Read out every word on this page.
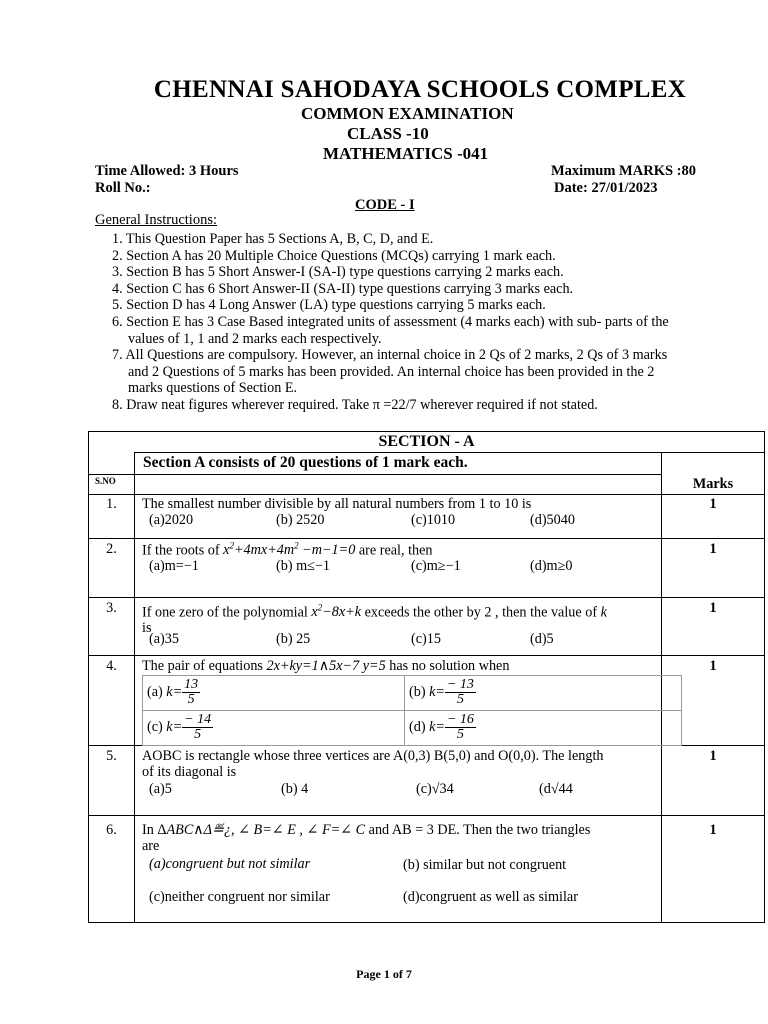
CHENNAI SAHODAYA SCHOOLS COMPLEX
COMMON EXAMINATION
CLASS -10
MATHEMATICS -041
Time Allowed: 3 Hours	Maximum MARKS :80
Roll No.:	Date: 27/01/2023
CODE - I
General Instructions:
1. This Question Paper has 5 Sections A, B, C, D, and E.
2. Section A has 20 Multiple Choice Questions (MCQs) carrying 1 mark each.
3. Section B has 5 Short Answer-I (SA-I) type questions carrying 2 marks each.
4. Section C has 6 Short Answer-II (SA-II) type questions carrying 3 marks each.
5. Section D has 4 Long Answer (LA) type questions carrying 5 marks each.
6. Section E has 3 Case Based integrated units of assessment (4 marks each) with sub- parts of the
values of 1, 1 and 2 marks each respectively.
7. All Questions are compulsory. However, an internal choice in 2 Qs of 2 marks, 2 Qs of 3 marks
and 2 Questions of 5 marks has been provided. An internal choice has been provided in the 2
marks questions of Section E.
8. Draw neat figures wherever required. Take π =22/7 wherever required if not stated.
SECTION - A
	Section A consists of 20 questions of 1 mark each.	
S.NO		Marks
1.	The smallest number divisible by all natural numbers from 1 to 10 is
(a)2020	(b) 2520	(c)1010	(d)5040
	1
2.	If the roots of $x^2+4mx+4m^2 -m-1=0$ are real, then
(a)m=−1	(b) m≤−1	(c)m≥−1	(d)m≥0
	1
3.	If one zero of the polynomial $x^2-8x+k$ exceeds the other by 2 , then the value of k
is
(a)35	(b) 25	(c)15	(d)5
	1
4.	The pair of equations 2x+ky=1∧5x−7 y=5 has no solution when
(a) $k= \frac{13}{5}$	(b) $k= \frac{- 13}{5}$

(c) $k= \frac{- 14}{5}$	(d) $k= \frac{- 16}{5}$
	1
5.	AOBC is rectangle whose three vertices are A(0,3) B(5,0) and O(0,0). The length
of its diagonal is
(a)5	(b) 4	(c)√34	(d√44
	1
6.	In ΔABC∧Δ≝¿, ∠ B=∠ E , ∠ F=∠ C and AB = 3 DE. Then the two triangles
are
(a)congruent but not similar	(b) similar but not congruent
(c)neither congruent nor similar	(d)congruent as well as similar
	1
Page 1 of 7
